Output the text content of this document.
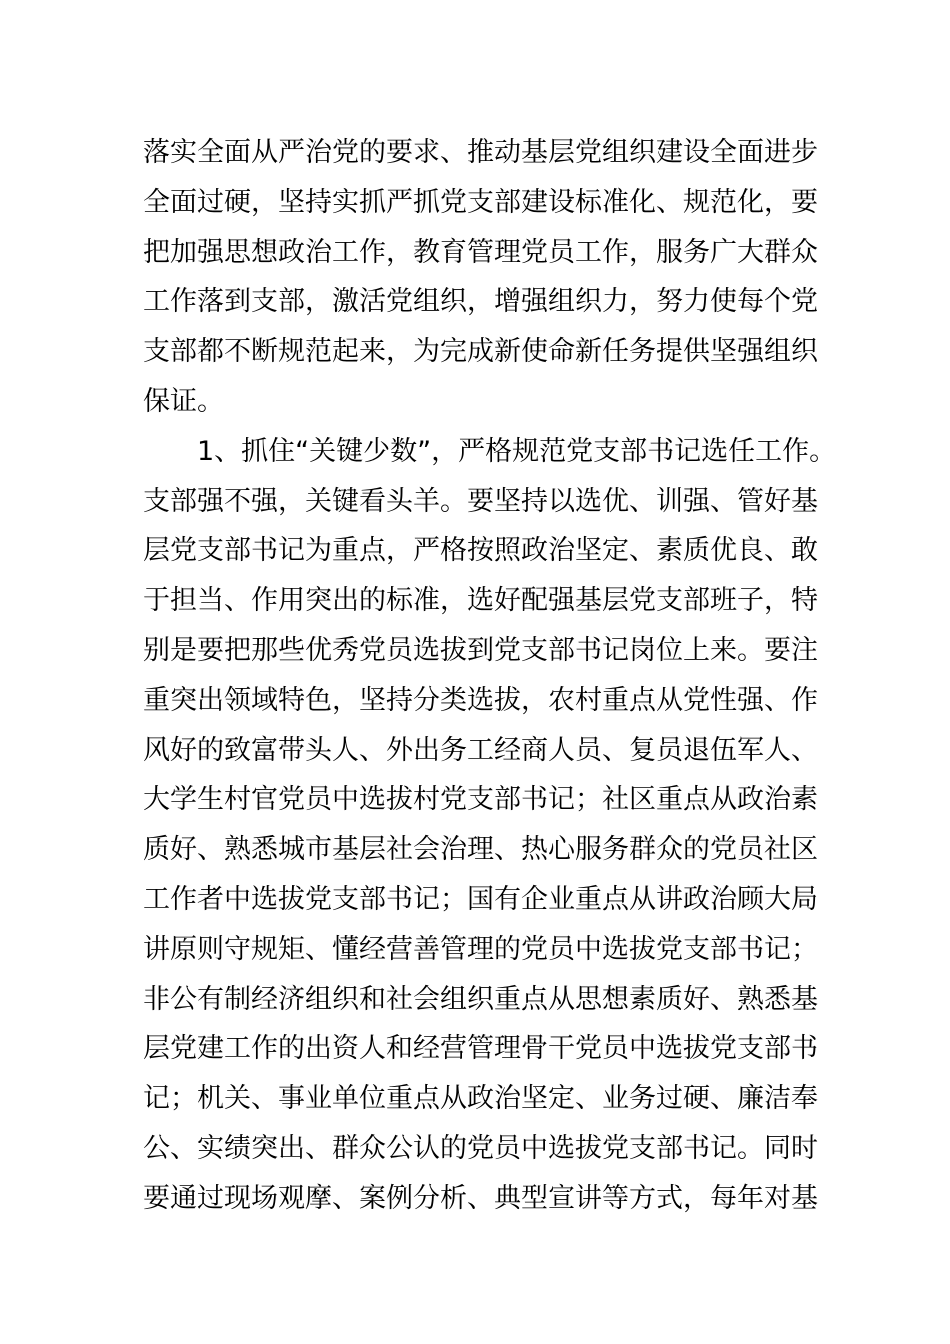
落实全面从严治党的要求、推动基层党组织建设全面进步
全面过硬，坚持实抓严抓党支部建设标准化、规范化，要
把加强思想政治工作，教育管理党员工作，服务广大群众
工作落到支部，激活党组织，增强组织力，努力使每个党
支部都不断规范起来，为完成新使命新任务提供坚强组织
保证。
1、抓住“关键少数”，严格规范党支部书记选任工作。
支部强不强，关键看头羊。要坚持以选优、训强、管好基
层党支部书记为重点，严格按照政治坚定、素质优良、敢
于担当、作用突出的标准，选好配强基层党支部班子，特
别是要把那些优秀党员选拔到党支部书记岗位上来。要注
重突出领域特色，坚持分类选拔，农村重点从党性强、作
风好的致富带头人、外出务工经商人员、复员退伍军人、
大学生村官党员中选拔村党支部书记；社区重点从政治素
质好、熟悉城市基层社会治理、热心服务群众的党员社区
工作者中选拔党支部书记；国有企业重点从讲政治顾大局
讲原则守规矩、懂经营善管理的党员中选拔党支部书记；
非公有制经济组织和社会组织重点从思想素质好、熟悉基
层党建工作的出资人和经营管理骨干党员中选拔党支部书
记；机关、事业单位重点从政治坚定、业务过硬、廉洁奉
公、实绩突出、群众公认的党员中选拔党支部书记。同时
要通过现场观摩、案例分析、典型宣讲等方式，每年对基
